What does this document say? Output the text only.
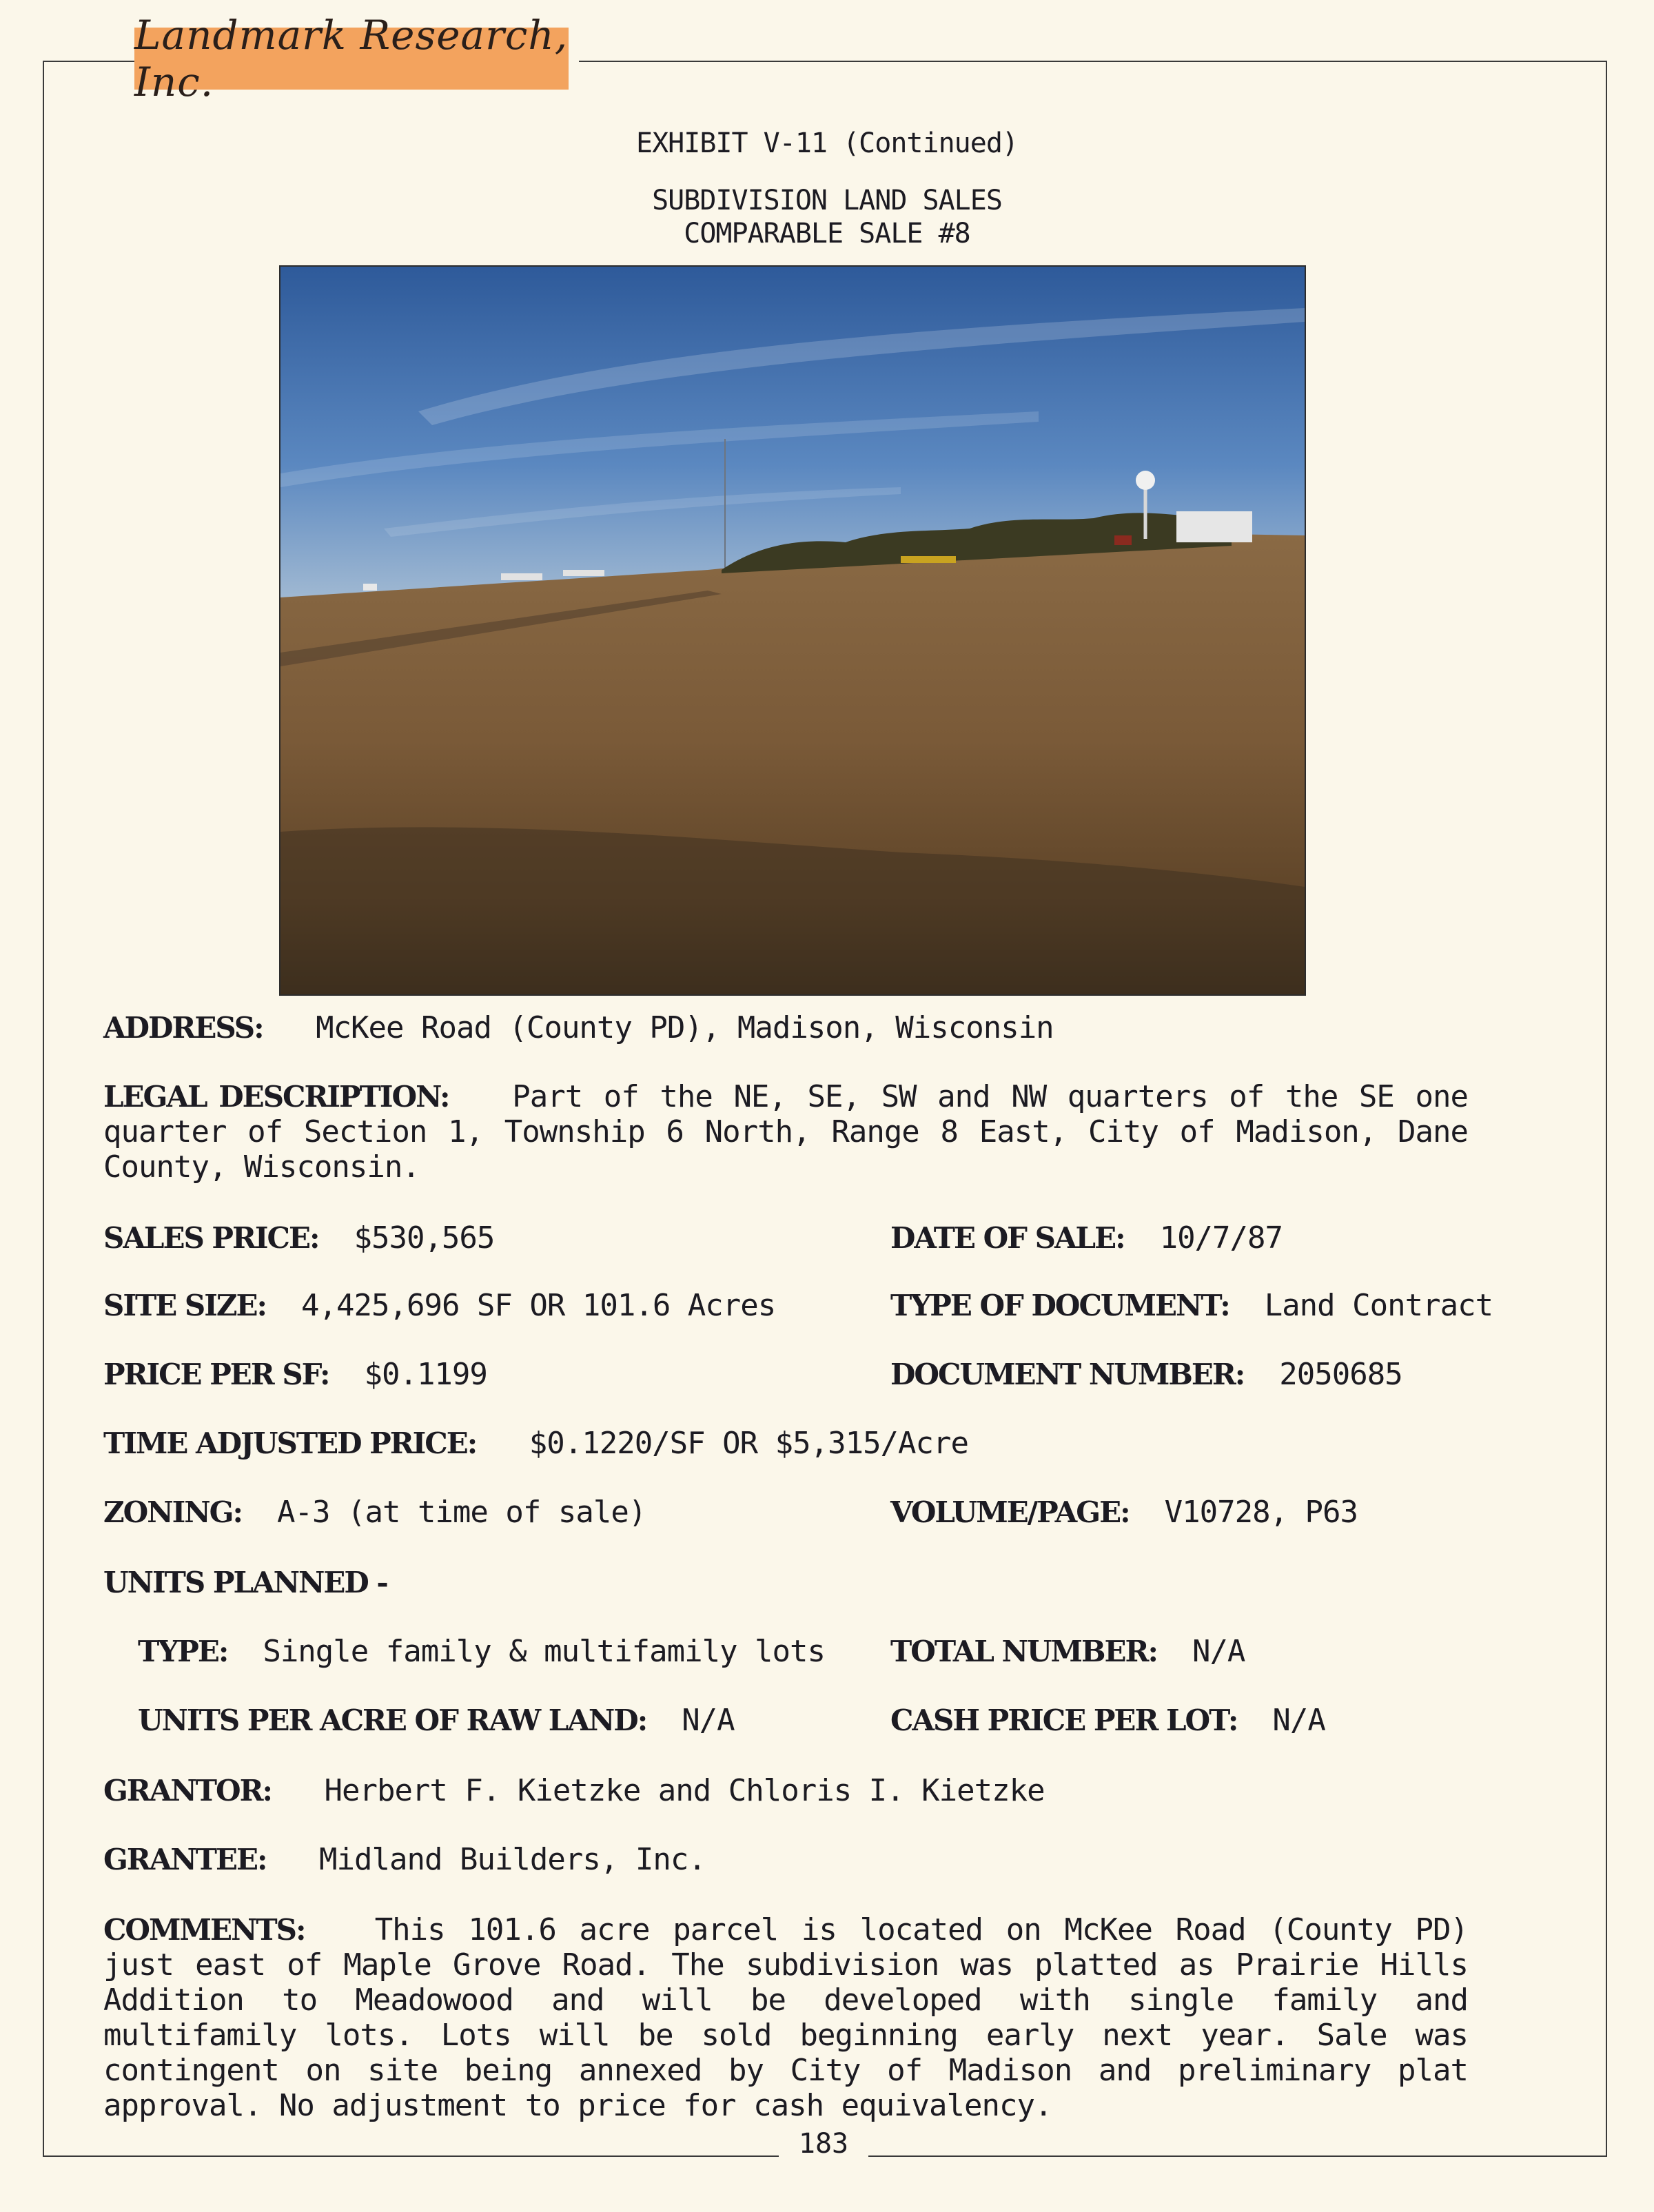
Landmark Research, Inc.
EXHIBIT V-11 (Continued)
SUBDIVISION LAND SALES
COMPARABLE SALE #8
ADDRESS: McKee Road (County PD), Madison, Wisconsin
LEGAL DESCRIPTION: Part of the NE, SE, SW and NW quarters of the SE one quarter of Section 1, Township 6 North, Range 8 East, City of Madison, Dane County, Wisconsin.
SALES PRICE: $530,565	DATE OF SALE: 10/7/87
SITE SIZE: 4,425,696 SF OR 101.6 Acres	TYPE OF DOCUMENT: Land Contract
PRICE PER SF: $0.1199	DOCUMENT NUMBER: 2050685
TIME ADJUSTED PRICE: $0.1220/SF OR $5,315/Acre
ZONING: A-3 (at time of sale)	VOLUME/PAGE: V10728, P63
UNITS PLANNED -
TYPE: Single family & multifamily lots TOTAL NUMBER: N/A
UNITS PER ACRE OF RAW LAND: N/A	CASH PRICE PER LOT: N/A
GRANTOR: Herbert F. Kietzke and Chloris I. Kietzke
GRANTEE: Midland Builders, Inc.
COMMENTS: This 101.6 acre parcel is located on McKee Road (County PD) just east of Maple Grove Road. The subdivision was platted as Prairie Hills Addition to Meadowood and will be developed with single family and multifamily lots. Lots will be sold beginning early next year. Sale was contingent on site being annexed by City of Madison and preliminary plat approval. No adjustment to price for cash equivalency.
183
